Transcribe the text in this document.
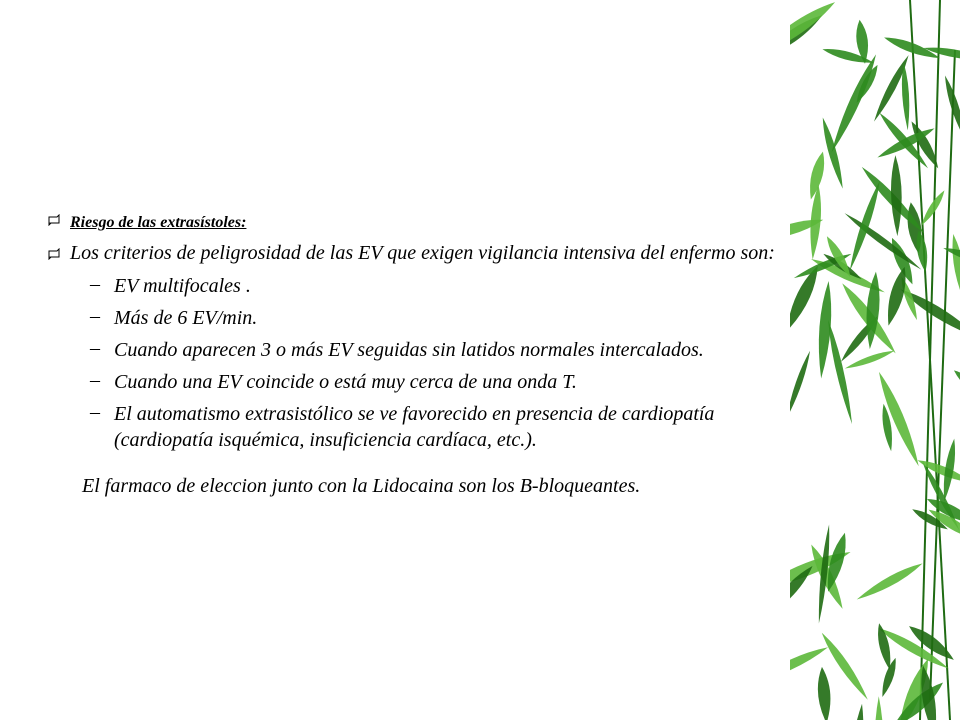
Riesgo de las extrasístoles:
Los criterios de peligrosidad de las EV que exigen vigilancia intensiva del enfermo son:
– EV multifocales .
– Más de 6 EV/min.
– Cuando aparecen 3 o más EV seguidas sin latidos normales intercalados.
– Cuando una EV coincide o está muy cerca de una onda T.
– El automatismo extrasistólico se ve favorecido en presencia de cardiopatía (cardiopatía isquémica, insuficiencia cardíaca, etc.).
El farmaco de eleccion junto con la Lidocaina son los B-bloqueantes.
